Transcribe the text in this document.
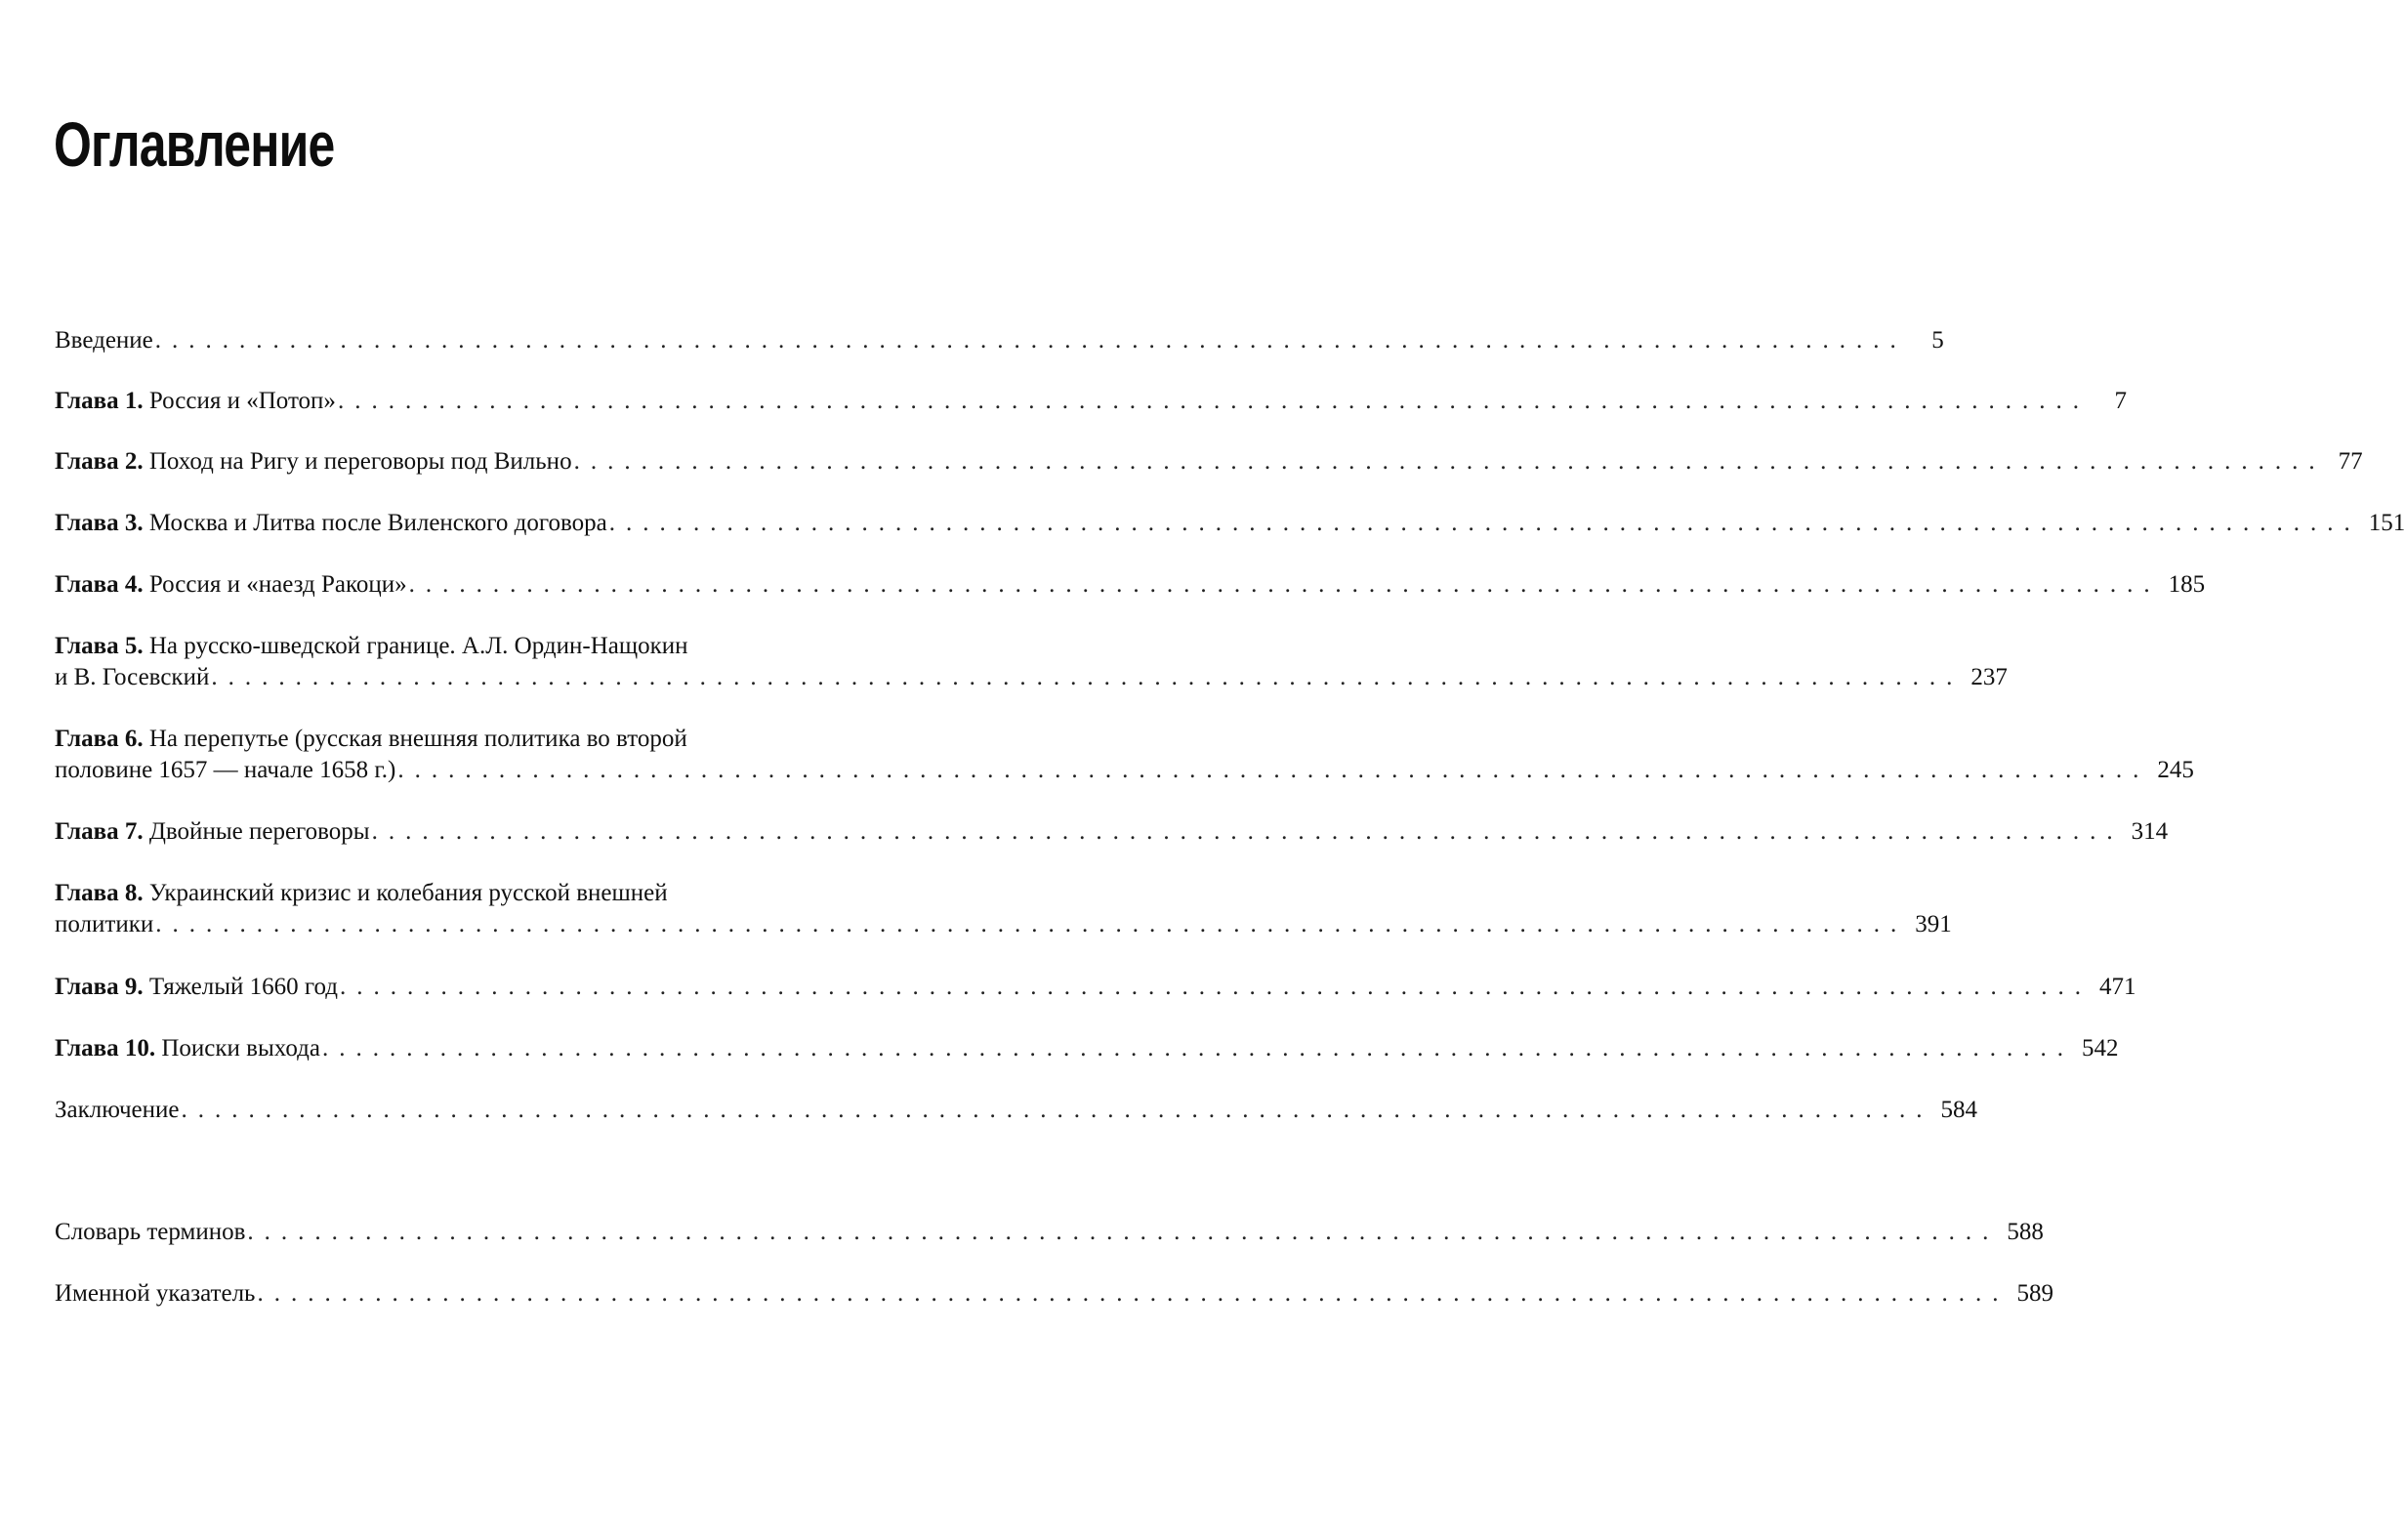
Оглавление
Введение ........................................................................................................	5
Глава 1. Россия и «Потоп» ........................................................................................................	7
Глава 2. Поход на Ригу и переговоры под Вильно ........................................................................................................ 77
Глава 3. Москва и Литва после Виленского договора ........................................................................................................ 151
Глава 4. Россия и «наезд Ракоци» ........................................................................................................ 185
Глава 5. На русско-шведской границе. А.Л. Ордин-Нащокин
и В. Госевский ........................................................................................................ 237
Глава 6. На перепутье (русская внешняя политика во второй
половине 1657 — начале 1658 г.) ........................................................................................................ 245
Глава 7. Двойные переговоры ........................................................................................................ 314
Глава 8. Украинский кризис и колебания русской внешней
политики ........................................................................................................ 391
Глава 9. Тяжелый 1660 год ........................................................................................................ 471
Глава 10. Поиски выхода ........................................................................................................ 542
Заключение ........................................................................................................ 584
Словарь терминов ........................................................................................................ 588
Именной указатель ........................................................................................................ 589
